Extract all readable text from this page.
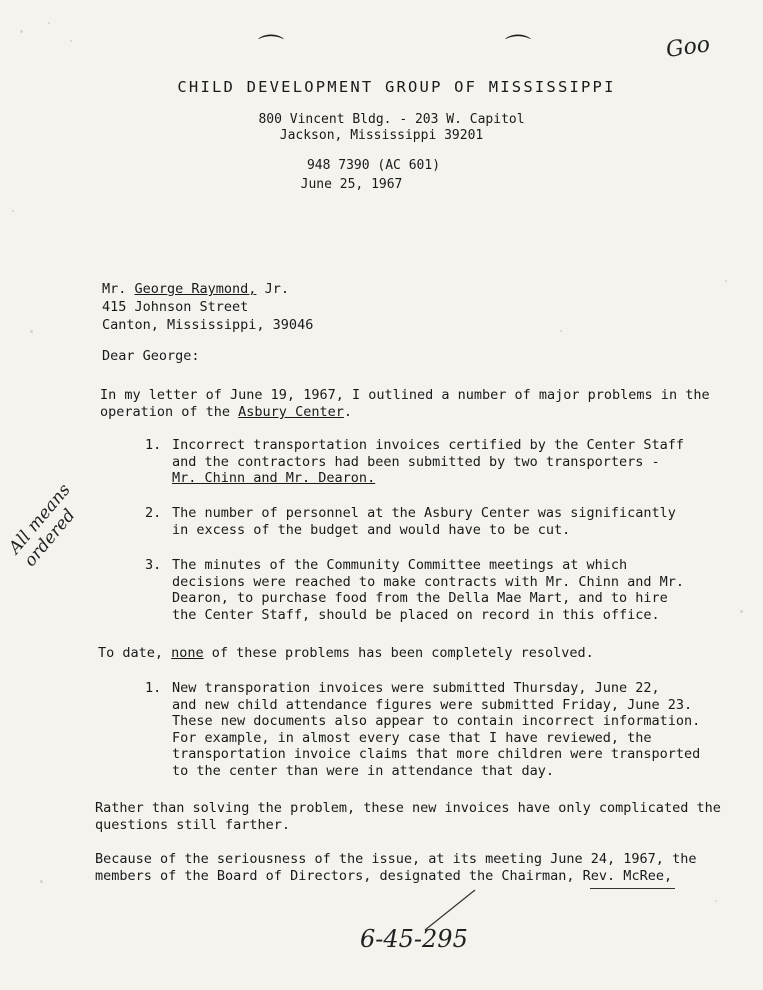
⌒	⌒	Goo
CHILD DEVELOPMENT GROUP OF MISSISSIPPI
800 Vincent Bldg. - 203 W. Capitol
Jackson, Mississippi 39201
948 7390 (AC 601)
June 25, 1967
Mr. George Raymond, Jr.
415 Johnson Street
Canton, Mississippi, 39046
Dear George:
In my letter of June 19, 1967, I outlined a number of major problems in the
operation of the Asbury Center.
1. Incorrect transportation invoices certified by the Center Staff
and the contractors had been submitted by two transporters -
Mr. Chinn and Mr. Dearon.
2. The number of personnel at the Asbury Center was significantly
in excess of the budget and would have to be cut.
3. The minutes of the Community Committee meetings at which
decisions were reached to make contracts with Mr. Chinn and Mr.
Dearon, to purchase food from the Della Mae Mart, and to hire
the Center Staff, should be placed on record in this office.
All means ordered
To date, none of these problems has been completely resolved.
1. New transporation invoices were submitted Thursday, June 22,
and new child attendance figures were submitted Friday, June 23.
These new documents also appear to contain incorrect information.
For example, in almost every case that I have reviewed, the
transportation invoice claims that more children were transported
to the center than were in attendance that day.
Rather than solving the problem, these new invoices have only complicated the
questions still farther.
Because of the seriousness of the issue, at its meeting June 24, 1967, the
members of the Board of Directors, designated the Chairman, Rev. McRee,
6-45-295
